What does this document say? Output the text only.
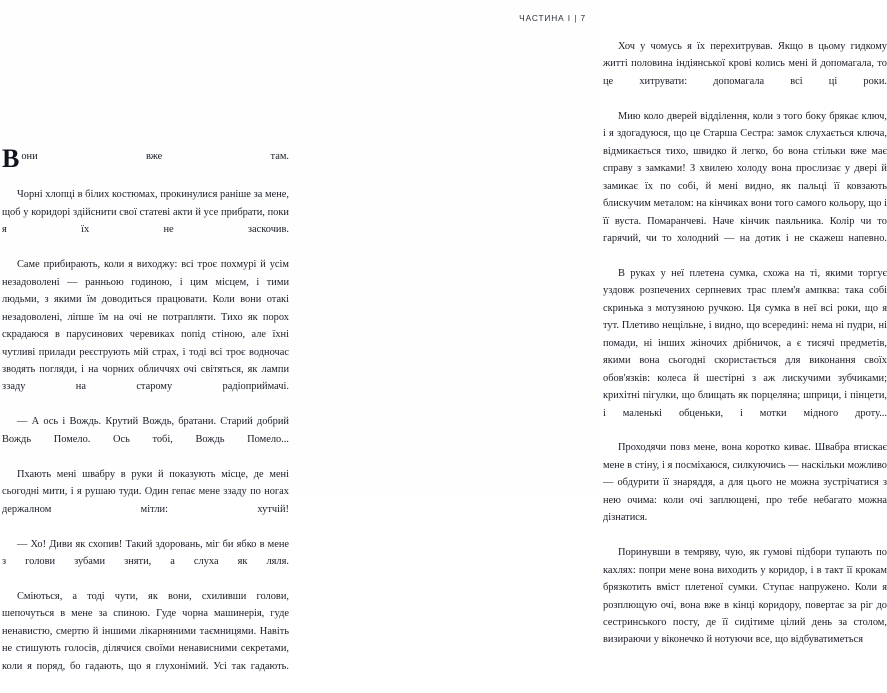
Вони вже там.

Чорні хлопці в білих костюмах, прокинулися раніше за мене, щоб у коридорі здійснити свої статеві акти й усе прибрати, поки я їх не заскочив.

Саме прибирають, коли я виходжу: всі троє похмурі й усім незадоволені — ранньою годиною, і цим місцем, і тими людьми, з якими їм доводиться працювати. Коли вони отакі незадоволені, ліпше їм на очі не потрапляти. Тихо як порох скрадаюся в парусинових черевиках попід стіною, але їхні чутливі прилади реєструють мій страх, і тоді всі троє водночас зводять погляди, і на чорних обличчях очі світяться, як лампи ззаду на старому радіоприймачі.

— А ось і Вождь. Крутий Вождь, братани. Старий добрий Вождь Помело. Ось тобі, Вождь Помело...

Пхають мені швабру в руки й показують місце, де мені сьогодні мити, і я рушаю туди. Один гепає мене ззаду по ногах держалном мітли: хутчій!

— Хо! Диви як схопив! Такий здоровань, міг би ябко в мене з голови зубами зняти, а слуха як ляля.

Сміються, а тоді чути, як вони, схиливши голови, шепочуться в мене за спиною. Гуде чорна машинерія, гуде ненавистю, смертю й іншими лікарняними таємницями. Навіть не стишують голосів, ділячися своїми ненависними секретами, коли я поряд, бо гадають, що я глухонімий. Усі так гадають.

ЧАСТИНА I | 7

Хоч у чомусь я їх перехитрував. Якщо в цьому гидкому житті половина індіянської крові колись мені й допомагала, то це хитрувати: допомагала всі ці роки.

Мию коло дверей відділення, коли з того боку брякає ключ, і я здогадуюся, що це Старша Сестра: замок слухається ключа, відмикається тихо, швидко й легко, бо вона стільки вже має справу з замками! З хвилею холоду вона прослизає у двері й замикає їх по собі, й мені видно, як пальці її ковзають блискучим металом: на кінчиках вони того самого кольору, що і її вуста. Помаранчеві. Наче кінчик паяльника. Колір чи то гарячий, чи то холодний — на дотик і не скажеш напевно.

В руках у неї плетена сумка, схожа на ті, якими торгує уздовж розпечених серпневих трас плем'я ампква: така собі скринька з мотузяною ручкою. Ця сумка в неї всі роки, що я тут. Плетиво нещільне, і видно, що всередині: нема ні пудри, ні помади, ні інших жіночих дрібничок, а є тисячі предметів, якими вона сьогодні скористається для виконання своїх обов'язків: колеса й шестірні з аж лискучими зубчиками; крихітні пігулки, що блищать як порцеляна; шприци, і пінцети, і маленькі обценьки, і мотки мідного дроту...

Проходячи повз мене, вона коротко киває. Швабра втискає мене в стіну, і я посміхаюся, силкуючись — наскільки можливо — обдурити її знаряддя, а для цього не можна зустрічатися з нею очима: коли очі заплющені, про тебе небагато можна дізнатися.

Поринувши в темряву, чую, як гумові підбори тупають по кахлях: попри мене вона виходить у коридор, і в такт її крокам брязкотить вміст плетеної сумки. Ступає напружено. Коли я розплющую очі, вона вже в кінці коридору, повертає за ріг до сестринського посту, де її сидітиме цілий день за столом, визираючи у віконечко й нотуючи все, що відбуватиметься
